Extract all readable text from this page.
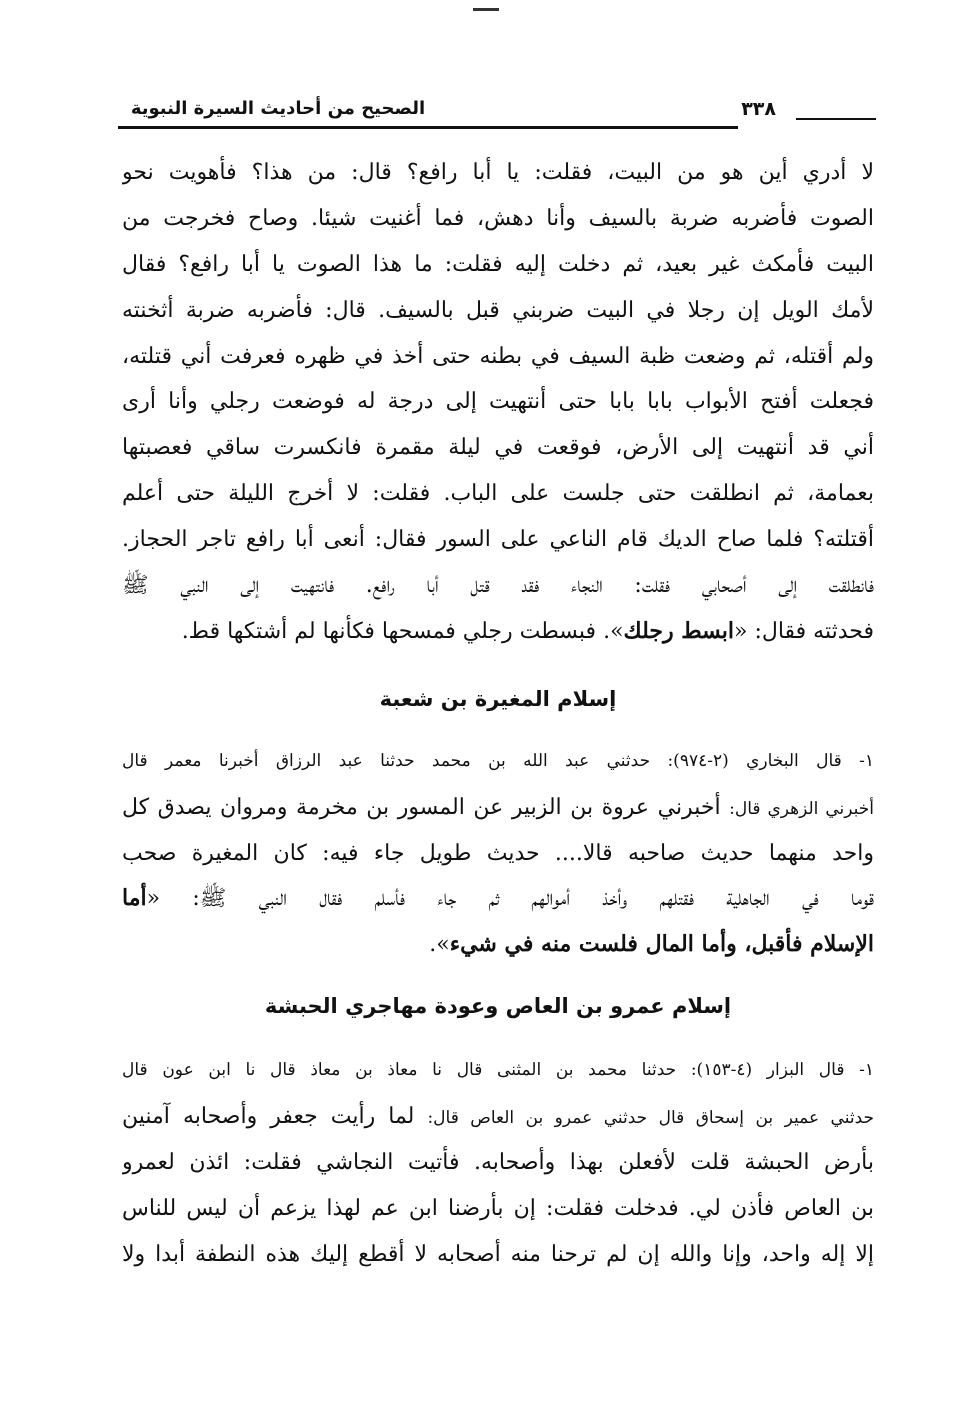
الصحيح من أحاديث السيرة النبوية	٣٣٨
لا أدري أين هو من البيت، فقلت: يا أبا رافع؟ قال: من هذا؟ فأهويت نحو
الصوت فأضربه ضربة بالسيف وأنا دهش، فما أغنيت شيئا. وصاح فخرجت من
البيت فأمكث غير بعيد، ثم دخلت إليه فقلت: ما هذا الصوت يا أبا رافع؟ فقال
لأمك الويل إن رجلا في البيت ضربني قبل بالسيف. قال: فأضربه ضربة أثخنته
ولم أقتله، ثم وضعت ظبة السيف في بطنه حتى أخذ في ظهره فعرفت أني قتلته،
فجعلت أفتح الأبواب بابا بابا حتى أنتهيت إلى درجة له فوضعت رجلي وأنا أرى
أني قد أنتهيت إلى الأرض، فوقعت في ليلة مقمرة فانكسرت ساقي فعصبتها
بعمامة، ثم انطلقت حتى جلست على الباب. فقلت: لا أخرج الليلة حتى أعلم
أقتلته؟ فلما صاح الديك قام الناعي على السور فقال: أنعى أبا رافع تاجر الحجاز.
فانطلقت إلى أصحابي فقلت: النجاء فقد قتل أبا رافع. فانتهيت إلى النبي ﷺ
فحدثته فقال: «ابسط رجلك». فبسطت رجلي فمسحها فكأنها لم أشتكها قط.
إسلام المغيرة بن شعبة
١- قال البخاري (٢-٩٧٤): حدثني عبد الله بن محمد حدثنا عبد الرزاق أخبرنا معمر قال
أخبرني الزهري قال: أخبرني عروة بن الزبير عن المسور بن مخرمة ومروان يصدق كل
واحد منهما حديث صاحبه قالا.... حديث طويل جاء فيه: كان المغيرة صحب
قوما في الجاهلية فقتلهم وأخذ أموالهم ثم جاء فأسلم فقال النبي ﷺ: «أما
الإسلام فأقبل، وأما المال فلست منه في شيء».
إسلام عمرو بن العاص وعودة مهاجري الحبشة
١- قال البزار (٤-١٥٣): حدثنا محمد بن المثنى قال نا معاذ بن معاذ قال نا ابن عون قال
حدثني عمير بن إسحاق قال حدثني عمرو بن العاص قال: لما رأيت جعفر وأصحابه آمنين
بأرض الحبشة قلت لأفعلن بهذا وأصحابه. فأتيت النجاشي فقلت: ائذن لعمرو
بن العاص فأذن لي. فدخلت فقلت: إن بأرضنا ابن عم لهذا يزعم أن ليس للناس
إلا إله واحد، وإنا والله إن لم ترحنا منه أصحابه لا أقطع إليك هذه النطفة أبدا ولا
